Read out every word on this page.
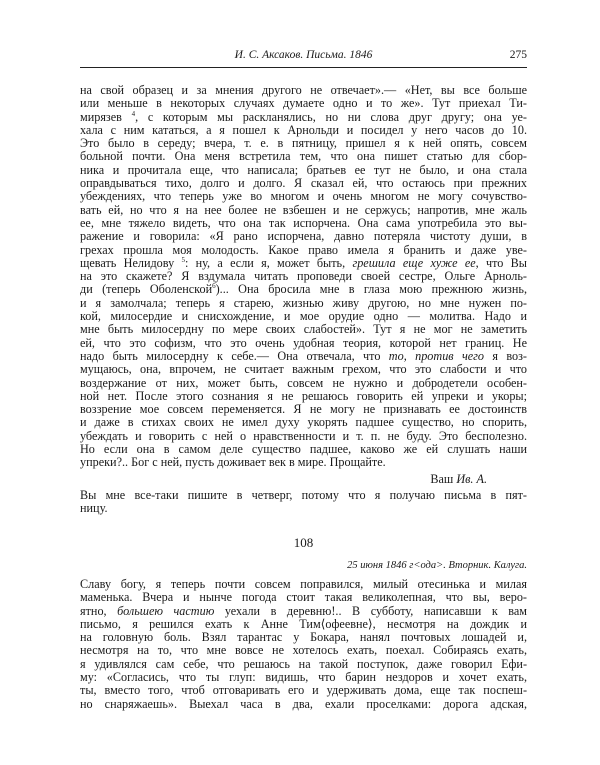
И. С. Аксаков. Письма. 1846	275
на свой образец и за мнения другого не отвечает».— «Нет, вы все больше
или меньше в некоторых случаях думаете одно и то же». Тут приехал Ти-
мирязев $^4$, с которым мы раскланялись, но ни слова друг другу; она уе-
хала с ним кататься, а я пошел к Арнольди и посидел у него часов до 10.
Это было в середу; вчера, т. е. в пятницу, пришел я к ней опять, совсем
больной почти. Она меня встретила тем, что она пишет статью для сбор-
ника и прочитала еще, что написала; братьев ее тут не было, и она стала
оправдываться тихо, долго и долго. Я сказал ей, что остаюсь при прежних
убеждениях, что теперь уже во многом и очень многом не могу сочувство-
вать ей, но что я на нее более не взбешен и не сержусь; напротив, мне жаль
ее, мне тяжело видеть, что она так испорчена. Она сама употребила это вы-
ражение и говорила: «Я рано испорчена, давно потеряла чистоту души, в
грехах прошла моя молодость. Какое право имела я бранить и даже уве-
щевать Нелидову $^5$: ну, а если я, может быть, грешила еще хуже ее, что Вы
на это скажете? Я вздумала читать проповеди своей сестре, Ольге Арноль-
ди (теперь Оболенской$^6$)... Она бросила мне в глаза мою прежнюю жизнь,
и я замолчала; теперь я старею, жизнью живу другою, но мне нужен по-
кой, милосердие и снисхождение, и мое орудие одно — молитва. Надо и
мне быть милосердну по мере своих слабостей». Тут я не мог не заметить
ей, что это софизм, что это очень удобная теория, которой нет границ. Не
надо быть милосердну к себе.— Она отвечала, что то, против чего я воз-
мущаюсь, она, впрочем, не считает важным грехом, что это слабости и что
воздержание от них, может быть, совсем не нужно и добродетели особен-
ной нет. После этого сознания я не решаюсь говорить ей упреки и укоры;
воззрение мое совсем переменяется. Я не могу не признавать ее достоинств
и даже в стихах своих не имел духу укорять падшее существо, но спорить,
убеждать и говорить с ней о нравственности и т. п. не буду. Это бесполезно.
Но если она в самом деле существо падшее, каково же ей слушать наши
упреки?.. Бог с ней, пусть доживает век в мире. Прощайте.
Ваш Ив. А.
Вы мне все-таки пишите в четверг, потому что я получаю письма в пят-
ницу.
108
25 июня 1846 г<ода>. Вторник. Калуга.
Славу богу, я теперь почти совсем поправился, милый отесинька и милая
маменька. Вчера и нынче погода стоит такая великолепная, что вы, веро-
ятно, большею частию уехали в деревню!.. В субботу, написавши к вам
письмо, я решился ехать к Анне Тим⟨офеевне⟩, несмотря на дождик и
на головную боль. Взял тарантас у Бокара, нанял почтовых лошадей и,
несмотря на то, что мне вовсе не хотелось ехать, поехал. Собираясь ехать,
я удивлялся сам себе, что решаюсь на такой поступок, даже говорил Ефи-
му: «Согласись, что ты глуп: видишь, что барин нездоров и хочет ехать,
ты, вместо того, чтоб отговаривать его и удерживать дома, еще так поспеш-
но снаряжаешь». Выехал часа в два, ехали проселками: дорога адская,
